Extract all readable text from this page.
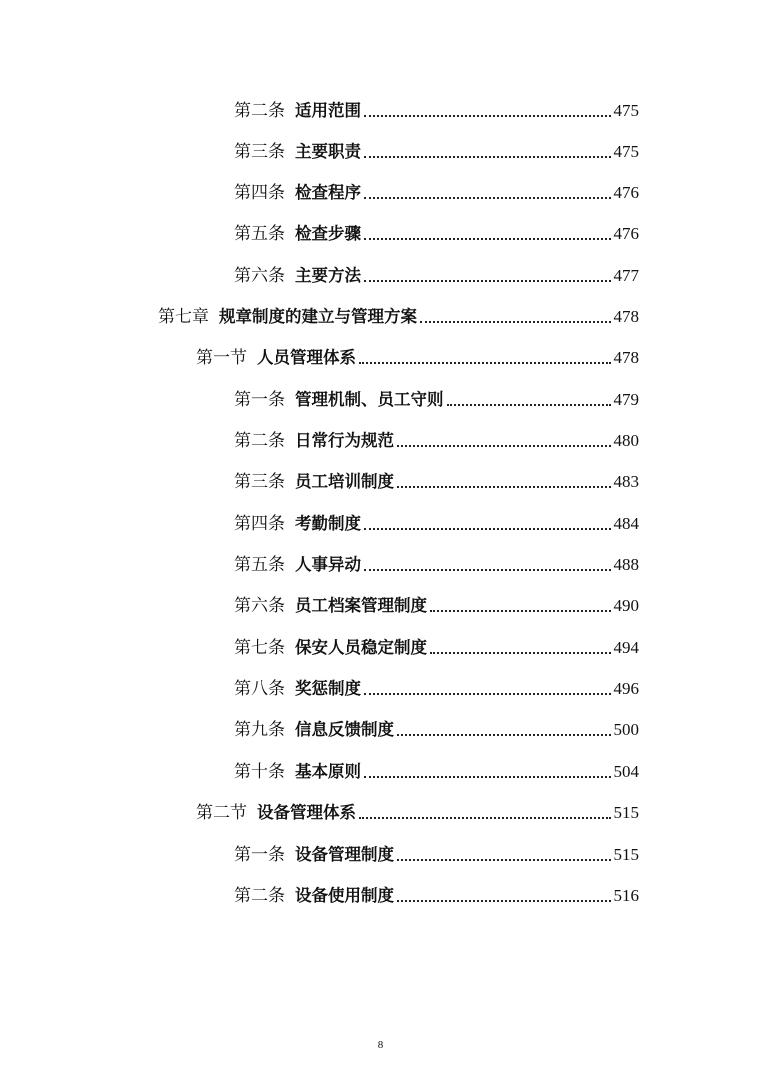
第二条 适用范围	475
第三条 主要职责	475
第四条 检查程序	476
第五条 检查步骤	476
第六条 主要方法	477
第七章 规章制度的建立与管理方案	478
第一节 人员管理体系	478
第一条 管理机制、员工守则	479
第二条 日常行为规范	480
第三条 员工培训制度	483
第四条 考勤制度	484
第五条 人事异动	488
第六条 员工档案管理制度	490
第七条 保安人员稳定制度	494
第八条 奖惩制度	496
第九条 信息反馈制度	500
第十条 基本原则	504
第二节 设备管理体系	515
第一条 设备管理制度	515
第二条 设备使用制度	516
8
